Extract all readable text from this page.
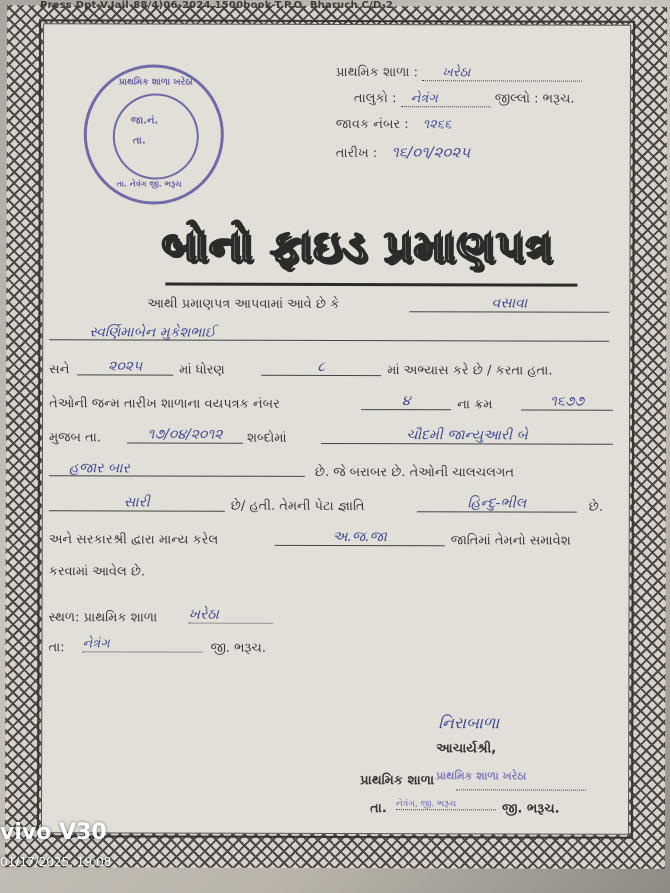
પ્રાથમિક શાળા ખરેઠા
જા.નં.
તા.
તા. નેત્રંગ જી. ભરૂચ
પ્રાથમિક શાળા : ખરેઠા
તાલુકો : નેત્રંગ	જીલ્લો : ભરૂચ.
જાવક નંબર : ૧૨૬૬
તારીખ : ૧૬/૦૧/૨૦૨૫
બોનો ફાઇડ પ્રમાણપત્ર
આથી પ્રમાણપત્ર આપવામાં આવે છે કે	વસાવા
સ્વર્ણિમાબેન મુકેશભાઈ
સને	૨૦૨૫	માં ધોરણ	૮	માં અભ્યાસ કરે છે / કરતા હતા.
તેઓની જન્મ તારીખ શાળાના વયપત્રક નંબર	૪	ના ક્રમ	૧૬૭૭
મુજબ તા.	૧૭/૦૪/૨૦૧૨	શબ્દોમાં	ચૌદમી જાન્યુઆરી બે
હજાર બાર	છે. જે બરાબર છે. તેઓની ચાલચલગત
સારી	છે/ હતી. તેમની પેટા જ્ઞાતિ	હિન્દુ-ભીલ	છે.
અને સરકારશ્રી દ્વારા માન્ય કરેલ	અ.જ.જા	જાતિમાં તેમનો સમાવેશ
કરવામાં આવેલ છે.
સ્થળ: પ્રાથમિક શાળા ખરેઠા
તા: નેત્રંગ	જી. ભરૂચ.
નિરાબાળા
આચાર્યશ્રી,
પ્રાથમિક શાળા
તા. નેત્રંગ, જી. ભરૂચ	જી. ભરૂચ.
પ્રાથમિક શાળા ખરેઠા
Press Dpt-V.Jail-88/4)06-2024,1500book-T.P.O. Bharuch C/D-2
vivo V30
01/17/2025, 19:08
